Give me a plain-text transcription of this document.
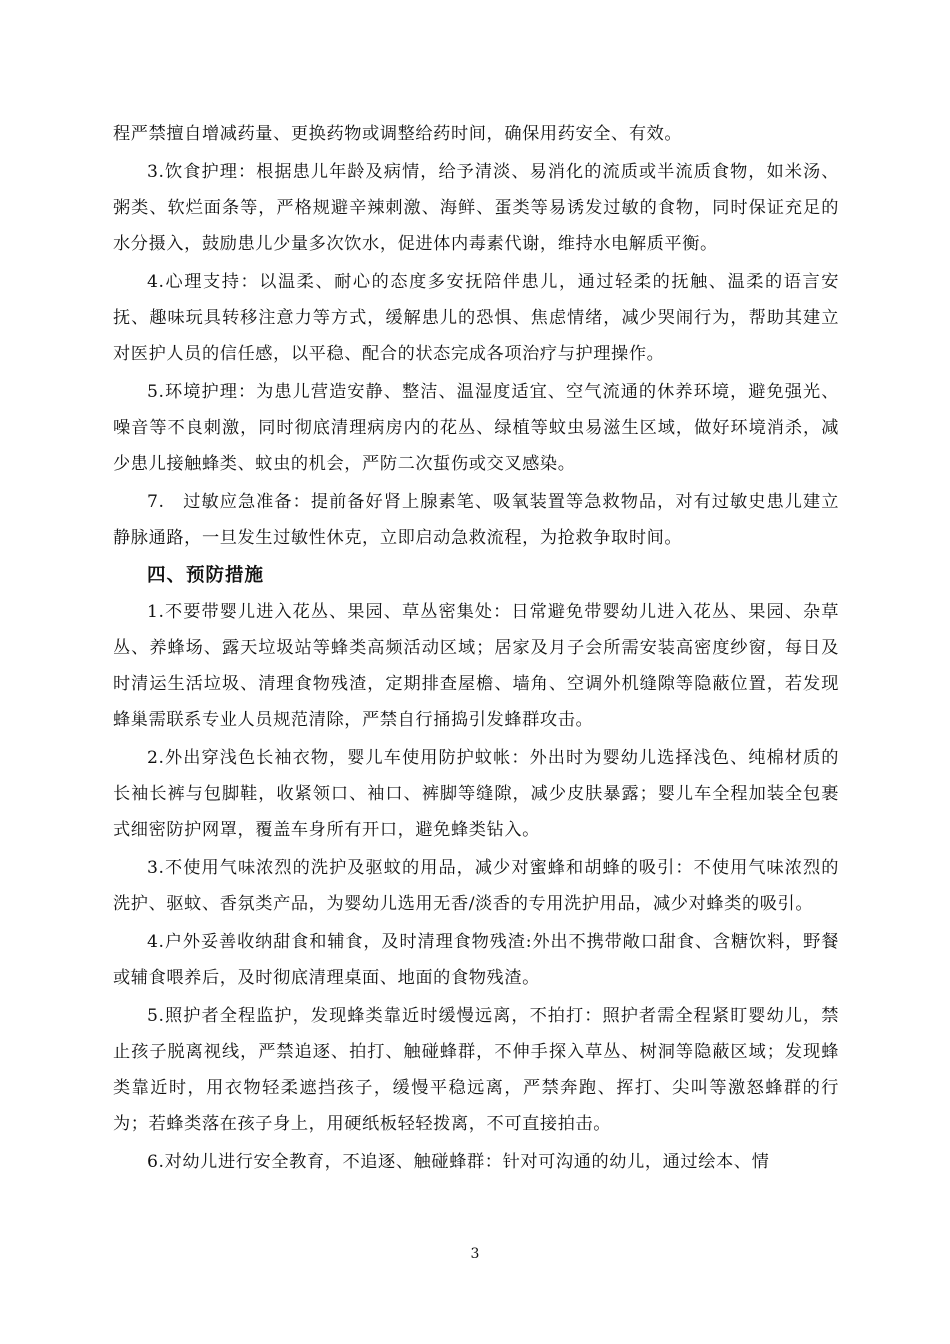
程严禁擅自增减药量、更换药物或调整给药时间，确保用药安全、有效。

3.饮食护理：根据患儿年龄及病情，给予清淡、易消化的流质或半流质食物，如米汤、粥类、软烂面条等，严格规避辛辣刺激、海鲜、蛋类等易诱发过敏的食物，同时保证充足的水分摄入，鼓励患儿少量多次饮水，促进体内毒素代谢，维持水电解质平衡。

4.心理支持：以温柔、耐心的态度多安抚陪伴患儿，通过轻柔的抚触、温柔的语言安抚、趣味玩具转移注意力等方式，缓解患儿的恐惧、焦虑情绪，减少哭闹行为，帮助其建立对医护人员的信任感，以平稳、配合的状态完成各项治疗与护理操作。

5.环境护理：为患儿营造安静、整洁、温湿度适宜、空气流通的休养环境，避免强光、噪音等不良刺激，同时彻底清理病房内的花丛、绿植等蚊虫易滋生区域，做好环境消杀，减少患儿接触蜂类、蚊虫的机会，严防二次蜇伤或交叉感染。

7.　过敏应急准备：提前备好肾上腺素笔、吸氧装置等急救物品，对有过敏史患儿建立静脉通路，一旦发生过敏性休克，立即启动急救流程，为抢救争取时间。

四、预防措施

1.不要带婴儿进入花丛、果园、草丛密集处：日常避免带婴幼儿进入花丛、果园、杂草丛、养蜂场、露天垃圾站等蜂类高频活动区域；居家及月子会所需安装高密度纱窗，每日及时清运生活垃圾、清理食物残渣，定期排查屋檐、墙角、空调外机缝隙等隐蔽位置，若发现蜂巢需联系专业人员规范清除，严禁自行捅捣引发蜂群攻击。

2.外出穿浅色长袖衣物，婴儿车使用防护蚊帐：外出时为婴幼儿选择浅色、纯棉材质的长袖长裤与包脚鞋，收紧领口、袖口、裤脚等缝隙，减少皮肤暴露；婴儿车全程加装全包裹式细密防护网罩，覆盖车身所有开口，避免蜂类钻入。

3.不使用气味浓烈的洗护及驱蚊的用品，减少对蜜蜂和胡蜂的吸引：不使用气味浓烈的洗护、驱蚊、香氛类产品，为婴幼儿选用无香/淡香的专用洗护用品，减少对蜂类的吸引。

4.户外妥善收纳甜食和辅食，及时清理食物残渣:外出不携带敞口甜食、含糖饮料，野餐或辅食喂养后，及时彻底清理桌面、地面的食物残渣。

5.照护者全程监护，发现蜂类靠近时缓慢远离，不拍打：照护者需全程紧盯婴幼儿，禁止孩子脱离视线，严禁追逐、拍打、触碰蜂群，不伸手探入草丛、树洞等隐蔽区域；发现蜂类靠近时，用衣物轻柔遮挡孩子，缓慢平稳远离，严禁奔跑、挥打、尖叫等激怒蜂群的行为；若蜂类落在孩子身上，用硬纸板轻轻拨离，不可直接拍击。

6.对幼儿进行安全教育，不追逐、触碰蜂群：针对可沟通的幼儿，通过绘本、情

3
